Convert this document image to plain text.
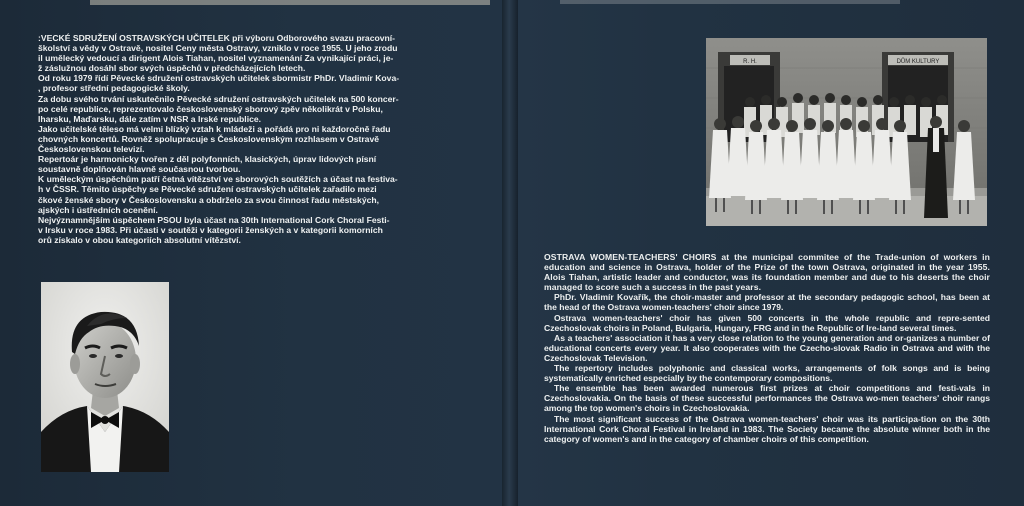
:VECKÉ SDRUŽENÍ OSTRAVSKÝCH UČITELEK při výboru Odborového svazu pracovní-

školství a vědy v Ostravě, nositel Ceny města Ostravy, vzniklo v roce 1955. U jeho zrodu

il umělecký vedoucí a dirigent Alois Tiahan, nositel vyznamenání Za vynikající práci, je-

ž záslužnou dosáhl sbor svých úspěchů v předcházejících letech.

Od roku 1979 řídí Pěvecké sdružení ostravských učitelek sbormistr PhDr. Vladimír Kova-

, profesor střední pedagogické školy.

Za dobu svého trvání uskutečnilo Pěvecké sdružení ostravských učitelek na 500 koncer-

po celé republice, reprezentovalo československý sborový zpěv několikrát v Polsku,

Iharsku, Maďarsku, dále zatím v NSR a Irské republice.

Jako učitelské těleso má velmi blízký vztah k mládeži a pořádá pro ni každoročně řadu

chovných koncertů. Rovněž spolupracuje s Československým rozhlasem v Ostravě

Československou televizí.

Repertoár je harmonicky tvořen z děl polyfonních, klasických, úprav lidových písní

soustavně doplňován hlavně současnou tvorbou.

K uměleckým úspěchům patří četná vítězství ve sborových soutěžích a účast na festiva-

h v ČSSR. Těmito úspěchy se Pěvecké sdružení ostravských učitelek zařadilo mezi

čkové ženské sbory v Československu a obdrželo za svou činnost řadu městských,

ajských i ústředních ocenění.

Nejvýznamnějším úspěchem PSOU byla účast na 30th International Cork Choral Festi-

v Irsku v roce 1983. Při účasti v soutěži v kategorii ženských a v kategorii komorních

orů získalo v obou kategoriích absolutní vítězství.

R. H.	DŮM KULTURY

OSTRAVA WOMEN-TEACHERS' CHOIRS at the municipal commitee of the Trade-union of workers in education and science in Ostrava, holder of the Prize of the town Ostrava, originated in the year 1955. Alois Tiahan, artistic leader and conductor, was its foundation member and due to his deserts the choir managed to score such a success in the past years.

PhDr. Vladimír Kovařík, the choir-master and professor at the secondary pedagogic school, has been at the head of the Ostrava women-teachers' choir since 1979.

Ostrava women-teachers' choir has given 500 concerts in the whole republic and repre-sented Czechoslovak choirs in Poland, Bulgaria, Hungary, FRG and in the Republic of Ire-land several times.

As a teachers' association it has a very close relation to the young generation and or-ganizes a number of educational concerts every year. It also cooperates with the Czecho-slovak Radio in Ostrava and with the Czechoslovak Television.

The repertory includes polyphonic and classical works, arrangements of folk songs and is being systematically enriched especially by the contemporary compositions.

The ensemble has been awarded numerous first prizes at choir competitions and festi-vals in Czechoslovakia. On the basis of these successful performances the Ostrava wo-men teachers' choir rangs among the top women's choirs in Czechoslovakia.

The most significant success of the Ostrava women-teachers' choir was its participa-tion on the 30th International Cork Choral Festival in Ireland in 1983. The Society became the absolute winner both in the category of women's and in the category of chamber choirs of this competition.
